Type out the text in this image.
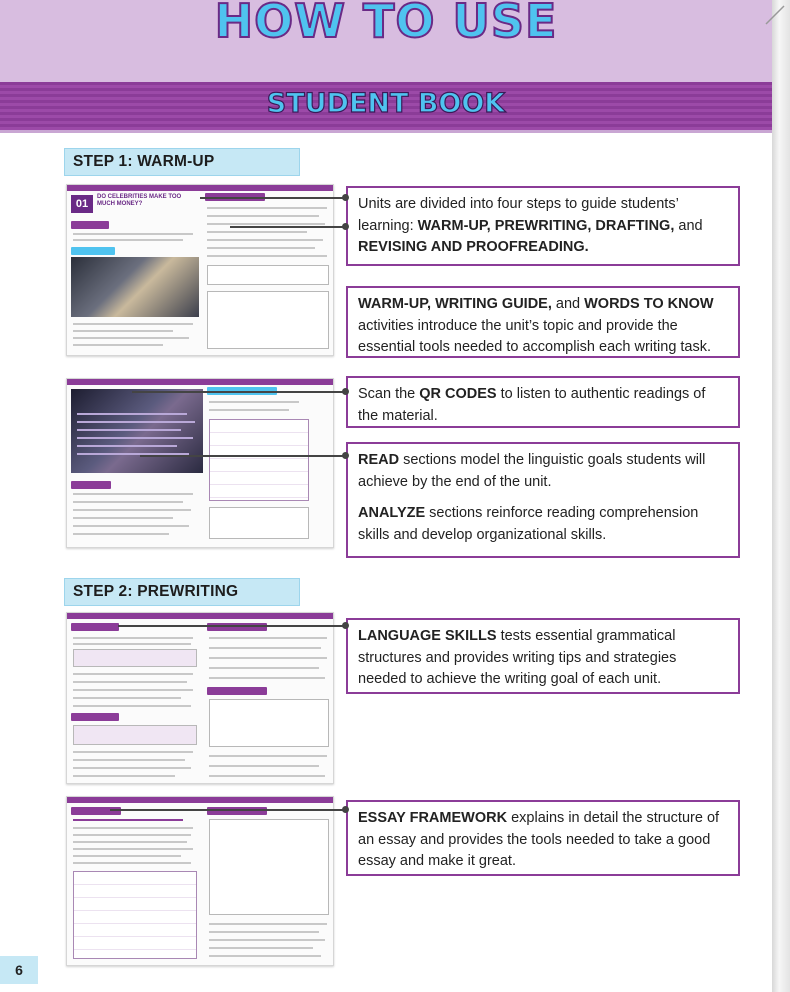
HOW TO USE
STUDENT BOOK
STEP 1: WARM-UP
01
DO CELEBRITIES MAKE TOO MUCH MONEY?	Units are divided into four steps to guide students’ learning: WARM-UP, PREWRITING, DRAFTING, and REVISING AND PROOFREADING.

WARM-UP, WRITING GUIDE, and WORDS TO KNOW activities introduce the unit’s topic and provide the essential tools needed to accomplish each writing task.

Scan the QR CODES to listen to authentic readings of the material.

READ sections model the linguistic goals students will achieve by the end of the unit.

ANALYZE sections reinforce reading comprehension skills and develop organizational skills.

STEP 2: PREWRITING

LANGUAGE SKILLS tests essential grammatical structures and provides writing tips and strategies needed to achieve the writing goal of each unit.

ESSAY FRAMEWORK explains in detail the structure of an essay and provides the tools needed to take a good essay and make it great.

6
